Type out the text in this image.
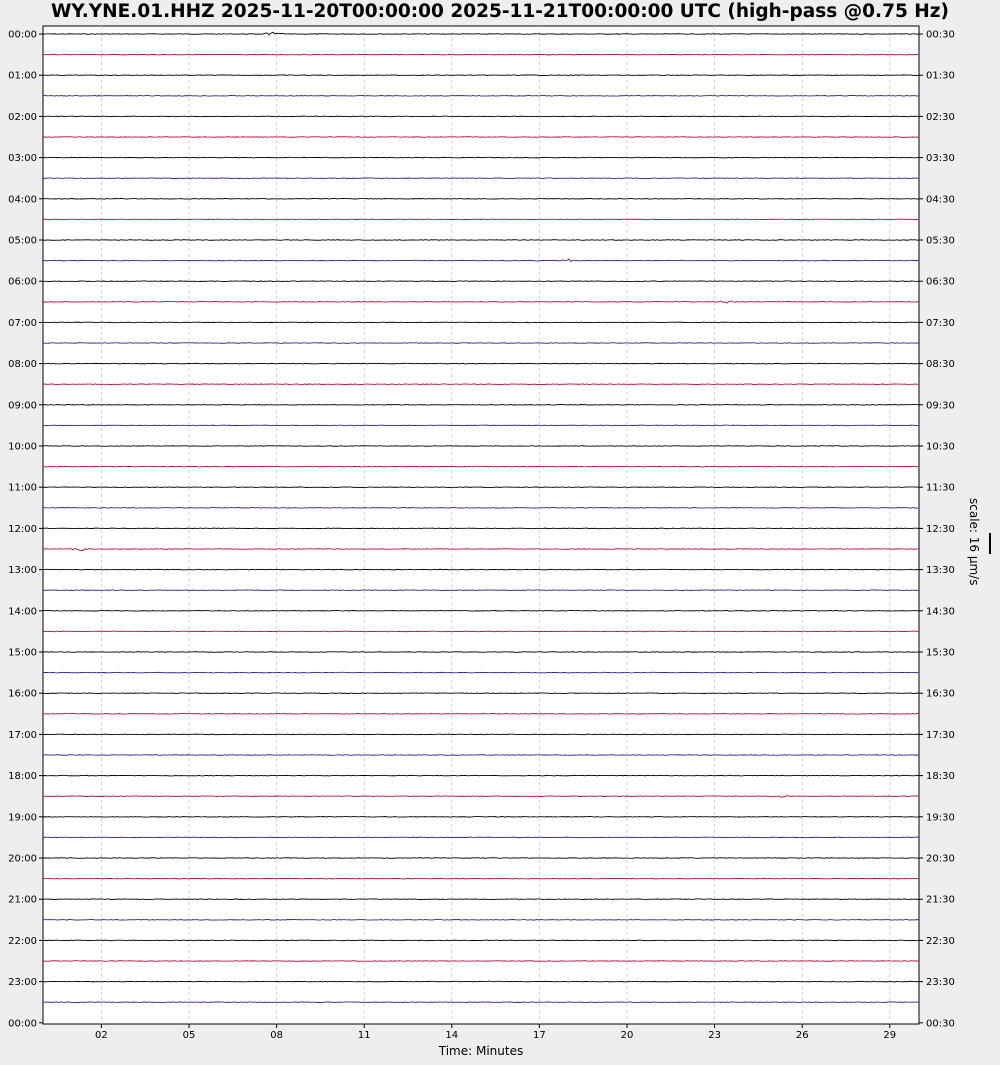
WY.YNE.01.HHZ 2025-11-20T00:00:00 2025-11-21T00:00:00 UTC (high-pass @0.75 Hz)
00:00
01:00
02:00
03:00
04:00
05:00
06:00
07:00
08:00
09:00
10:00
11:00
12:00
13:00
14:00
15:00
16:00
17:00
18:00
19:00
20:00
21:00
22:00
23:00
00:00
00:30
01:30
02:30
03:30
04:30
05:30
06:30
07:30
08:30
09:30
10:30
11:30
12:30
13:30
14:30
15:30
16:30
17:30
18:30
19:30
20:30
21:30
22:30
23:30
00:30
02	05	08	11	14	17	20	23	26	29
Time: Minutes
scale: 16 μm/s
